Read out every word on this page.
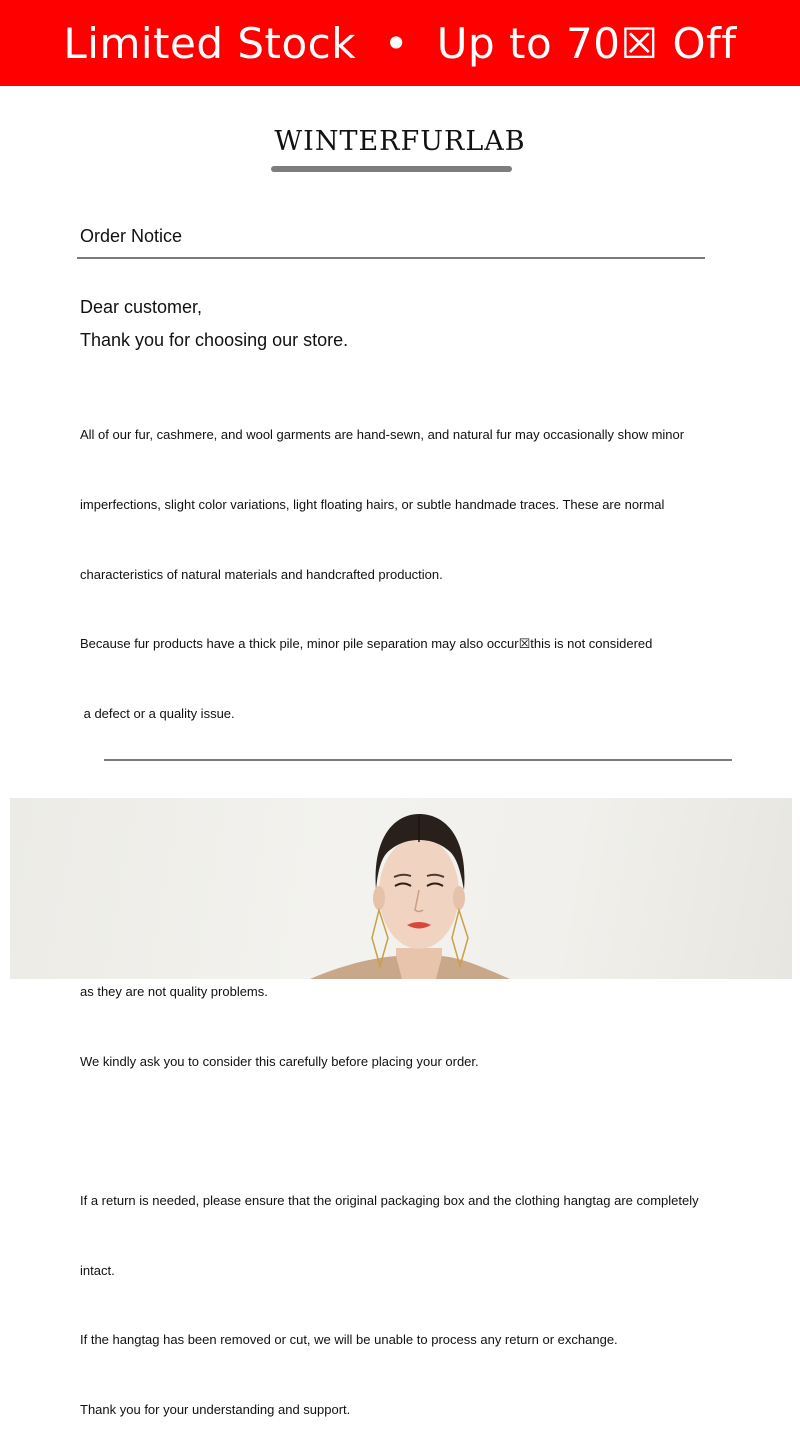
Limited Stock  •  Up to 70☒ Off
WINTERFURLAB
Order Notice
Dear customer,
Thank you for choosing our store.

All of our fur, cashmere, and wool garments are hand-sewn, and natural fur may occasionally show minor

imperfections, slight color variations, light floating hairs, or subtle handmade traces. These are normal

characteristics of natural materials and handcrafted production.

Because fur products have a thick pile, minor pile separation may also occur☒this is not considered

a defect or a quality issue.

as they are not quality problems.

We kindly ask you to consider this carefully before placing your order.

If a return is needed, please ensure that the original packaging box and the clothing hangtag are completely

intact.

If the hangtag has been removed or cut, we will be unable to process any return or exchange.

Thank you for your understanding and support.
